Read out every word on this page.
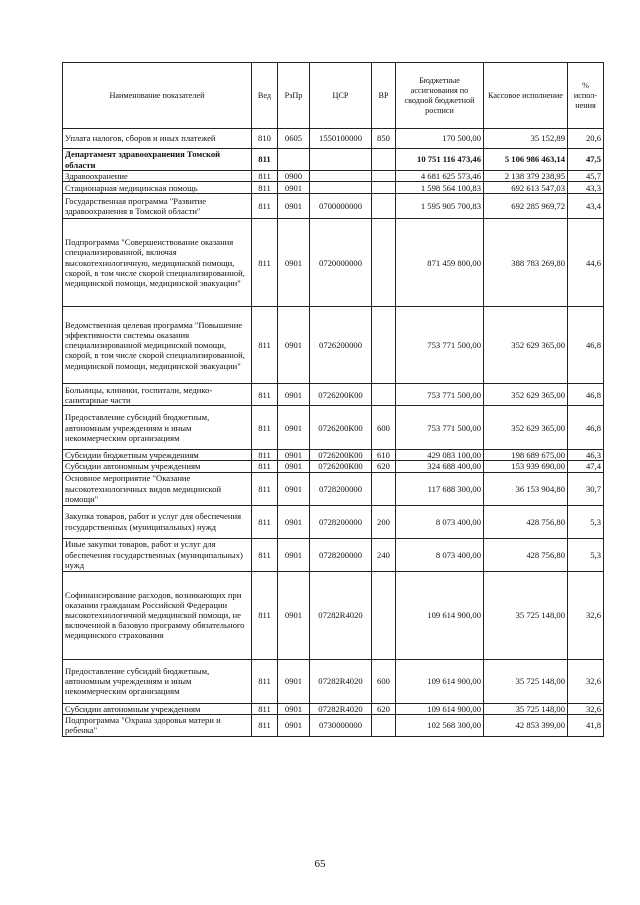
Наименование показателей	Вед	РзПр	ЦСР	ВР	Бюджетные ассигнования по сводной бюджетной росписи	Кассовое исполнение	% испол-нения
Уплата налогов, сборов и иных платежей	810	0605	1550100000	850	170 500,00	35 152,89	20,6
Департамент здравоохранения Томской области	811				10 751 116 473,46	5 106 986 463,14	47,5
Здравоохранение	811	0900			4 681 625 573,46	2 138 379 238,95	45,7
Стационарная медицинская помощь	811	0901			1 598 564 100,83	692 613 547,03	43,3
Государственная программа "Развитие здравоохранения в Томской области"	811	0901	0700000000		1 595 905 700,83	692 285 969,72	43,4
Подпрограмма "Совершенствование оказания специализированной, включая высокотехнологичную, медицинской помощи, скорой, в том числе скорой специализированной, медицинской помощи, медицинской эвакуации"	811	0901	0720000000		871 459 800,00	388 783 269,80	44,6
Ведомственная целевая программа "Повышение эффективности системы оказания специализированной медицинской помощи, скорой, в том числе скорой специализированной, медицинской помощи, медицинской эвакуации"	811	0901	0726200000		753 771 500,00	352 629 365,00	46,8
Больницы, клиники, госпитали, медико-санитарные части	811	0901	0726200К00		753 771 500,00	352 629 365,00	46,8
Предоставление субсидий бюджетным, автономным учреждениям и иным некоммерческим организациям	811	0901	0726200К00	600	753 771 500,00	352 629 365,00	46,8
Субсидии бюджетным учреждениям	811	0901	0726200К00	610	429 083 100,00	198 689 675,00	46,3
Субсидии автономным учреждениям	811	0901	0726200К00	620	324 688 400,00	153 939 690,00	47,4
Основное мероприятие "Оказание высокотехнологичных видов медицинской помощи"	811	0901	0728200000		117 688 300,00	36 153 904,80	30,7
Закупка товаров, работ и услуг для обеспечения государственных (муниципальных) нужд	811	0901	0728200000	200	8 073 400,00	428 756,80	5,3
Иные закупки товаров, работ и услуг для обеспечения государственных (муниципальных) нужд	811	0901	0728200000	240	8 073 400,00	428 756,80	5,3
Софинансирование расходов, возникающих при оказании гражданам Российской Федерации высокотехнологичной медицинской помощи, не включенной в базовую программу обязательного медицинского страхования	811	0901	07282R4020		109 614 900,00	35 725 148,00	32,6
Предоставление субсидий бюджетным, автономным учреждениям и иным некоммерческим организациям	811	0901	07282R4020	600	109 614 900,00	35 725 148,00	32,6
Субсидии автономным учреждениям	811	0901	07282R4020	620	109 614 900,00	35 725 148,00	32,6
Подпрограмма "Охрана здоровья матери и ребенка"	811	0901	0730000000		102 568 300,00	42 853 399,00	41,8
65
